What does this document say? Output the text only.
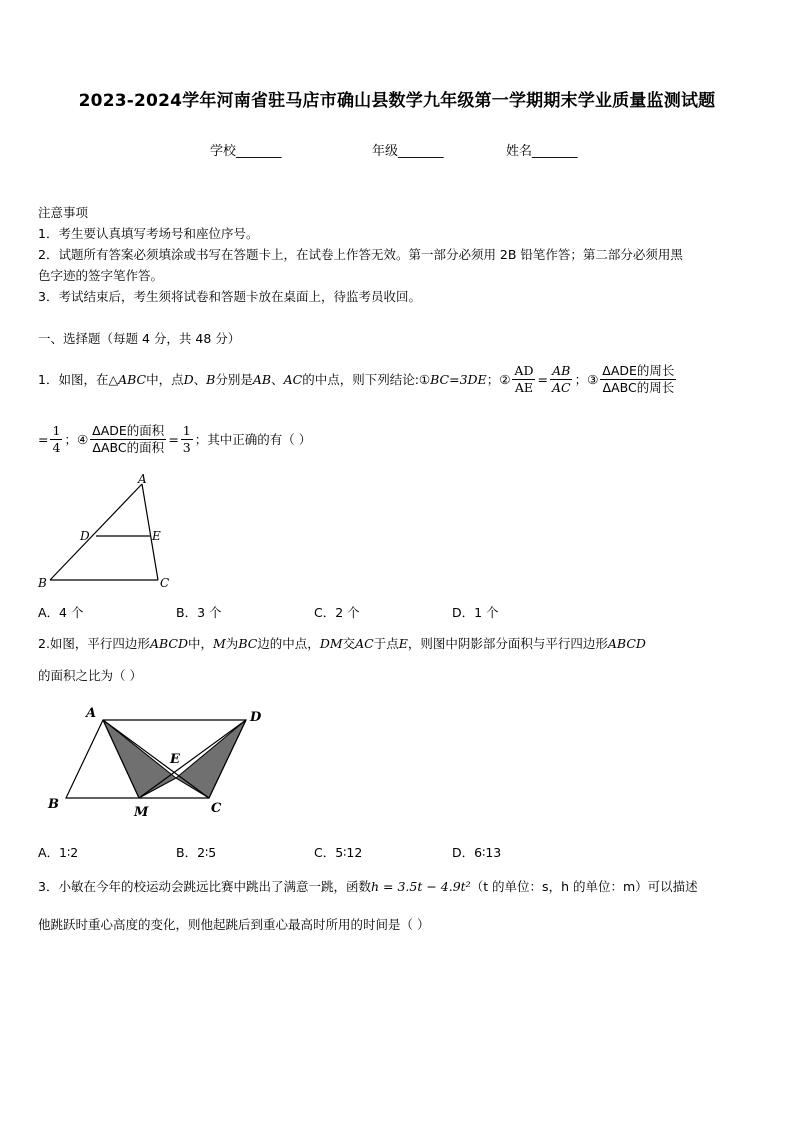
2023-2024学年河南省驻马店市确山县数学九年级第一学期期末学业质量监测试题
学校_______	年级_______	姓名_______
注意事项
1．考生要认真填写考场号和座位序号。
2．试题所有答案必须填涂或书写在答题卡上，在试卷上作答无效。第一部分必须用 2B 铅笔作答；第二部分必须用黑
色字迹的签字笔作答。
3．考试结束后，考生须将试卷和答题卡放在桌面上，待监考员收回。
一、选择题（每题 4 分，共 48 分）
1．如图，在△ ABC 中，点 D 、 B 分别是 AB 、 AC 的中点，则下列结论: ① BC=3DE ； ② $\frac{AD}{AE} = \frac{AB}{AC}$ ； ③ $\frac{\text{ΔADE的周长}}{\text{ΔABC的周长}}$
= $\frac{1}{4}$ ； ④ $\frac{\text{ΔADE的面积}}{\text{ΔABC的面积}} = \frac{1}{3}$ ；其中正确的有（ ）
A
D	E
B	C
A．4 个	B．3 个	C．2 个	D．1 个
2.如图，平行四边形ABCD中，M为BC边的中点，DM交AC于点E，则图中阴影部分面积与平行四边形ABCD
的面积之比为（ ）
A	D
E
B
M	C
A．1∶2	B．2∶5	C．5∶12	D．6∶13
3．小敏在今年的校运动会跳远比赛中跳出了满意一跳，函数h = 3.5t − 4.9t²（t 的单位：s，h 的单位：m）可以描述
他跳跃时重心高度的变化，则他起跳后到重心最高时所用的时间是（ ）
